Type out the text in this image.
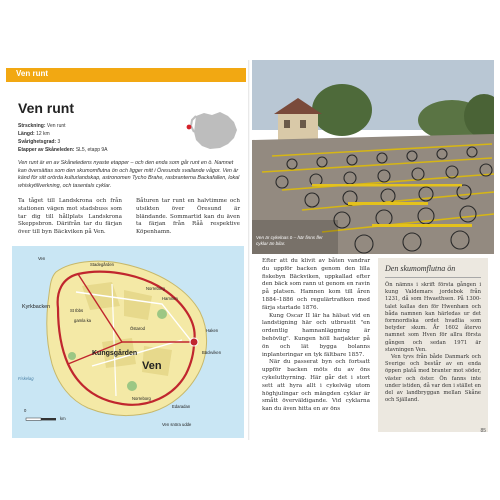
Ven runt
Ven runt
Strsckning: Ven runt
Längd: 12 km
Svårighetsgrad: 3
Etapper av Skåneleden: SL5, etapp 9A
Ven runt är en av Skåneledens nyaste etapper – och den enda som går runt en ö. Namnet kan översättas som den skumomflutna ön och ligger mitt i Öresunds svallande vågor. Ven är känd för sitt orörda kulturlandskap, astronomen Tycho Brahe, rasbranterna Backafallen, lokal whiskytillverkning, och tasentals cyklar.
Ta tåget till Landskrona och från stationen vägen mot stadsbuss som tar dig till hållplats Landskrona Skeppsbron. Därifrån tar du färjan över till byn Bäckviken på Ven.
Båturen tar runt en halvtimme och utsikten över Öresund är bländande. Sommartid kan du även ta färjan från Råå respektive Köpenhamn.
Ven
Stadegården
Kyrkbacken
St Ibbs
gamla ka
Norreborg
Hamnen
Östarod
Kungsgården
Ven
Haken
Bäckviken
Norreborg
Edaradan
Ven snöra udde
Fiskelag
0
km
Ven är cykelnas ö – här finns fler cyklar än bilar.

Efter att du klivit av båten vandrar du uppför backen genom den lilla fiskebyn Bäckviken, uppkallad efter den bäck som rann ut genom en ravin på platsen. Hamnen kom till åren 1884–1886 och regulärtrafiken med färja startade 1876.

Kung Oscar II lär ha hälsat vid en landstigning här och utbrustit "en ordentlig hamnanläggning är behövlig". Kungen höll harjakter på ön och lät bygga bolanns inplanteringar en tyk fältbare 1857.

När du passerat byn och fortsatt uppför backen möts du av öns cykeluthyrning. Här går det i stort sett att hyra allt i cykelväg utom höghjulingar och mängden cyklar är smått överväldigande. Vid cyklarna kan du även hitta en av öns

Den skumomflutna ön

Ön nämns i skrift första gången i kung Valdemars jordebok från 1231, då som Hwaethsen. På 1300-talet kallas den för Hwenhæn och båda namnen kan härledas ur det fornnordiska ordet hvadlia som betyder skum. År 1602 återvo namnet som Hven för allra första gången och sedan 1971 är stavningen Ven.

Ven tyvs från både Danmark och Sverige och består av en enda öppen platå med branter mot söder, väster och öster. Ön fanns inte under istiden, då var den i stället en del av landbryggan mellan Skåne och Själland.

85
